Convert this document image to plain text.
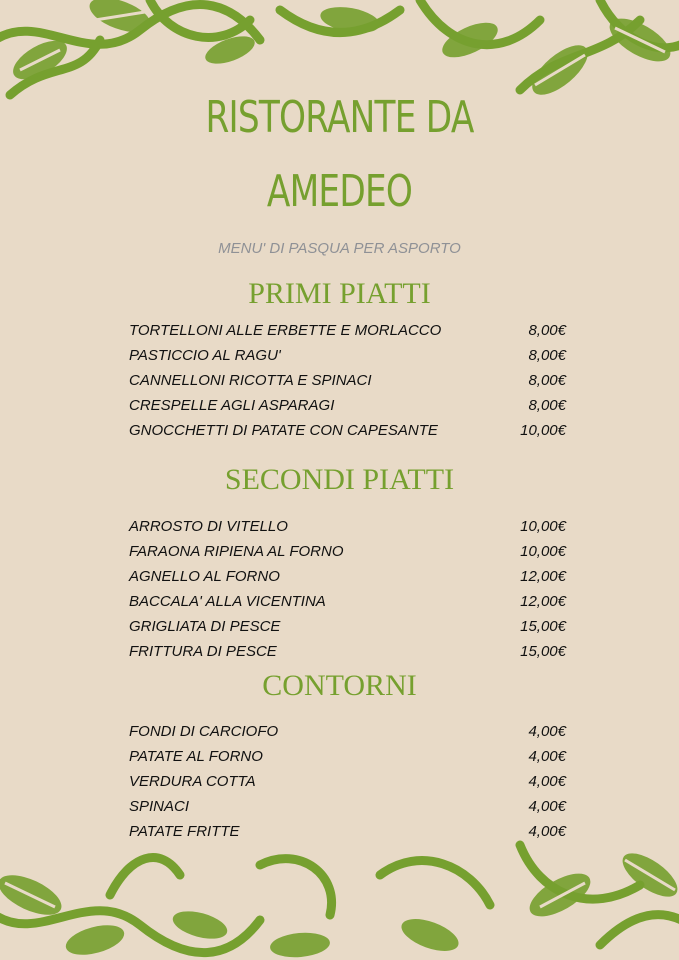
RISTORANTE DA
AMEDEO
MENU' DI PASQUA PER ASPORTO
PRIMI PIATTI
TORTELLONI ALLE ERBETTE E MORLACCO	8,00€
PASTICCIO AL RAGU'	8,00€
CANNELLONI RICOTTA E SPINACI	8,00€
CRESPELLE AGLI ASPARAGI	8,00€
GNOCCHETTI DI PATATE CON CAPESANTE	10,00€
SECONDI PIATTI
ARROSTO DI VITELLO	10,00€
FARAONA RIPIENA AL FORNO	10,00€
AGNELLO AL FORNO	12,00€
BACCALA' ALLA VICENTINA	12,00€
GRIGLIATA DI PESCE	15,00€
FRITTURA DI PESCE	15,00€
CONTORNI
FONDI DI CARCIOFO	4,00€
PATATE AL FORNO	4,00€
VERDURA COTTA	4,00€
SPINACI	4,00€
PATATE FRITTE	4,00€
